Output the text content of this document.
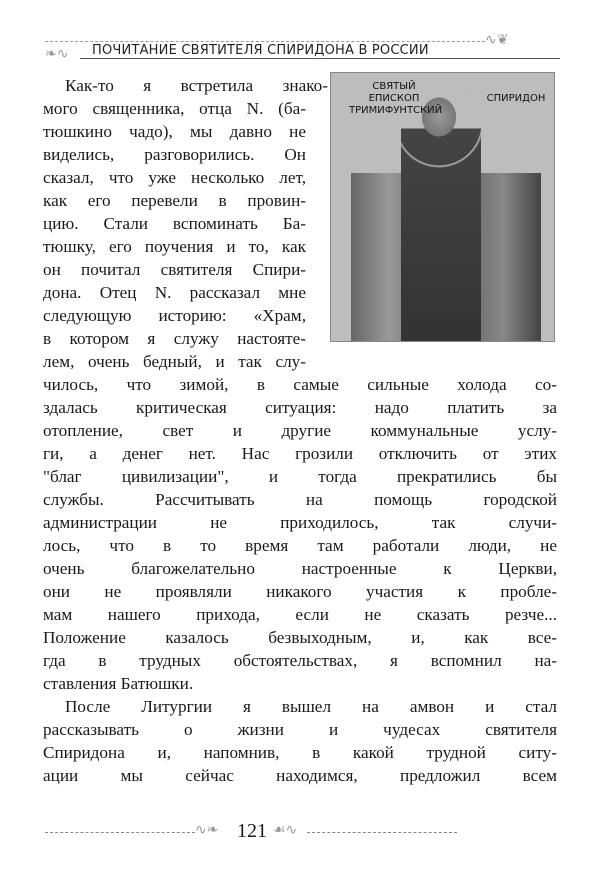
∿❦
❧∿ ПОЧИТАНИЕ СВЯТИТЕЛЯ СПИРИДОНА В РОССИИ
СВЯТЫЙ
ЕПИСКОП
ТРИМИФУНТСКИЙ
СПИРИДОН
Как-то я встретила знако-
мого священника, отца N. (ба-
тюшкино чадо), мы давно не
виделись, разговорились. Он
сказал, что уже несколько лет,
как его перевели в провин-
цию. Стали вспоминать Ба-
тюшку, его поучения и то, как
он почитал святителя Спири-
дона. Отец N. рассказал мне
следующую историю: «Храм,
в котором я служу настояте-
лем, очень бедный, и так слу-
чилось, что зимой, в самые сильные холода со-
здалась критическая ситуация: надо платить за
отопление, свет и другие коммунальные услу-
ги, а денег нет. Нас грозили отключить от этих
"благ цивилизации", и тогда прекратились бы
службы. Рассчитывать на помощь городской
администрации не приходилось, так случи-
лось, что в то время там работали люди, не
очень благожелательно настроенные к Церкви,
они не проявляли никакого участия к пробле-
мам нашего прихода, если не сказать резче...
Положение казалось безвыходным, и, как все-
гда в трудных обстоятельствах, я вспомнил на-
ставления Батюшки.
После Литургии я вышел на амвон и стал
рассказывать о жизни и чудесах святителя
Спиридона и, напомнив, в какой трудной ситу-
ации мы сейчас находимся, предложил всем
∿❧ 121 ☙∿
